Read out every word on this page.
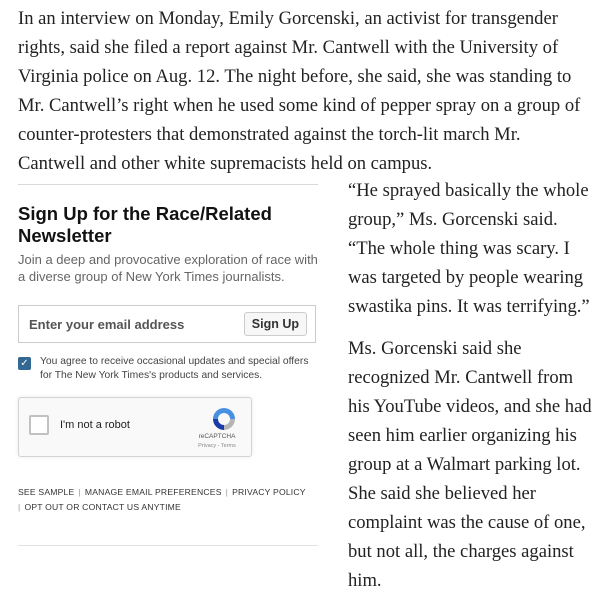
In an interview on Monday, Emily Gorcenski, an activist for transgender rights, said she filed a report against Mr. Cantwell with the University of Virginia police on Aug. 12. The night before, she said, she was standing to Mr. Cantwell’s right when he used some kind of pepper spray on a group of counter-protesters that demonstrated against the torch-lit march Mr. Cantwell and other white supremacists held on campus.

Sign Up for the Race/Related Newsletter

Join a deep and provocative exploration of race with a diverse group of New York Times journalists.

Enter your email address
Sign Up
✓ You agree to receive occasional updates and special offers for The New York Times's products and services.
I'm not a robot
reCAPTCHA
Privacy - Terms
SEE SAMPLE | MANAGE EMAIL PREFERENCES | PRIVACY POLICY
| OPT OUT OR CONTACT US ANYTIME

“He sprayed basically the whole group,” Ms. Gorcenski said. “The whole thing was scary. I was targeted by people wearing swastika pins. It was terrifying.”

Ms. Gorcenski said she recognized Mr. Cantwell from his YouTube videos, and she had seen him earlier organizing his group at a Walmart parking lot. She said she believed her complaint was the cause of one, but not all, the charges against him.
